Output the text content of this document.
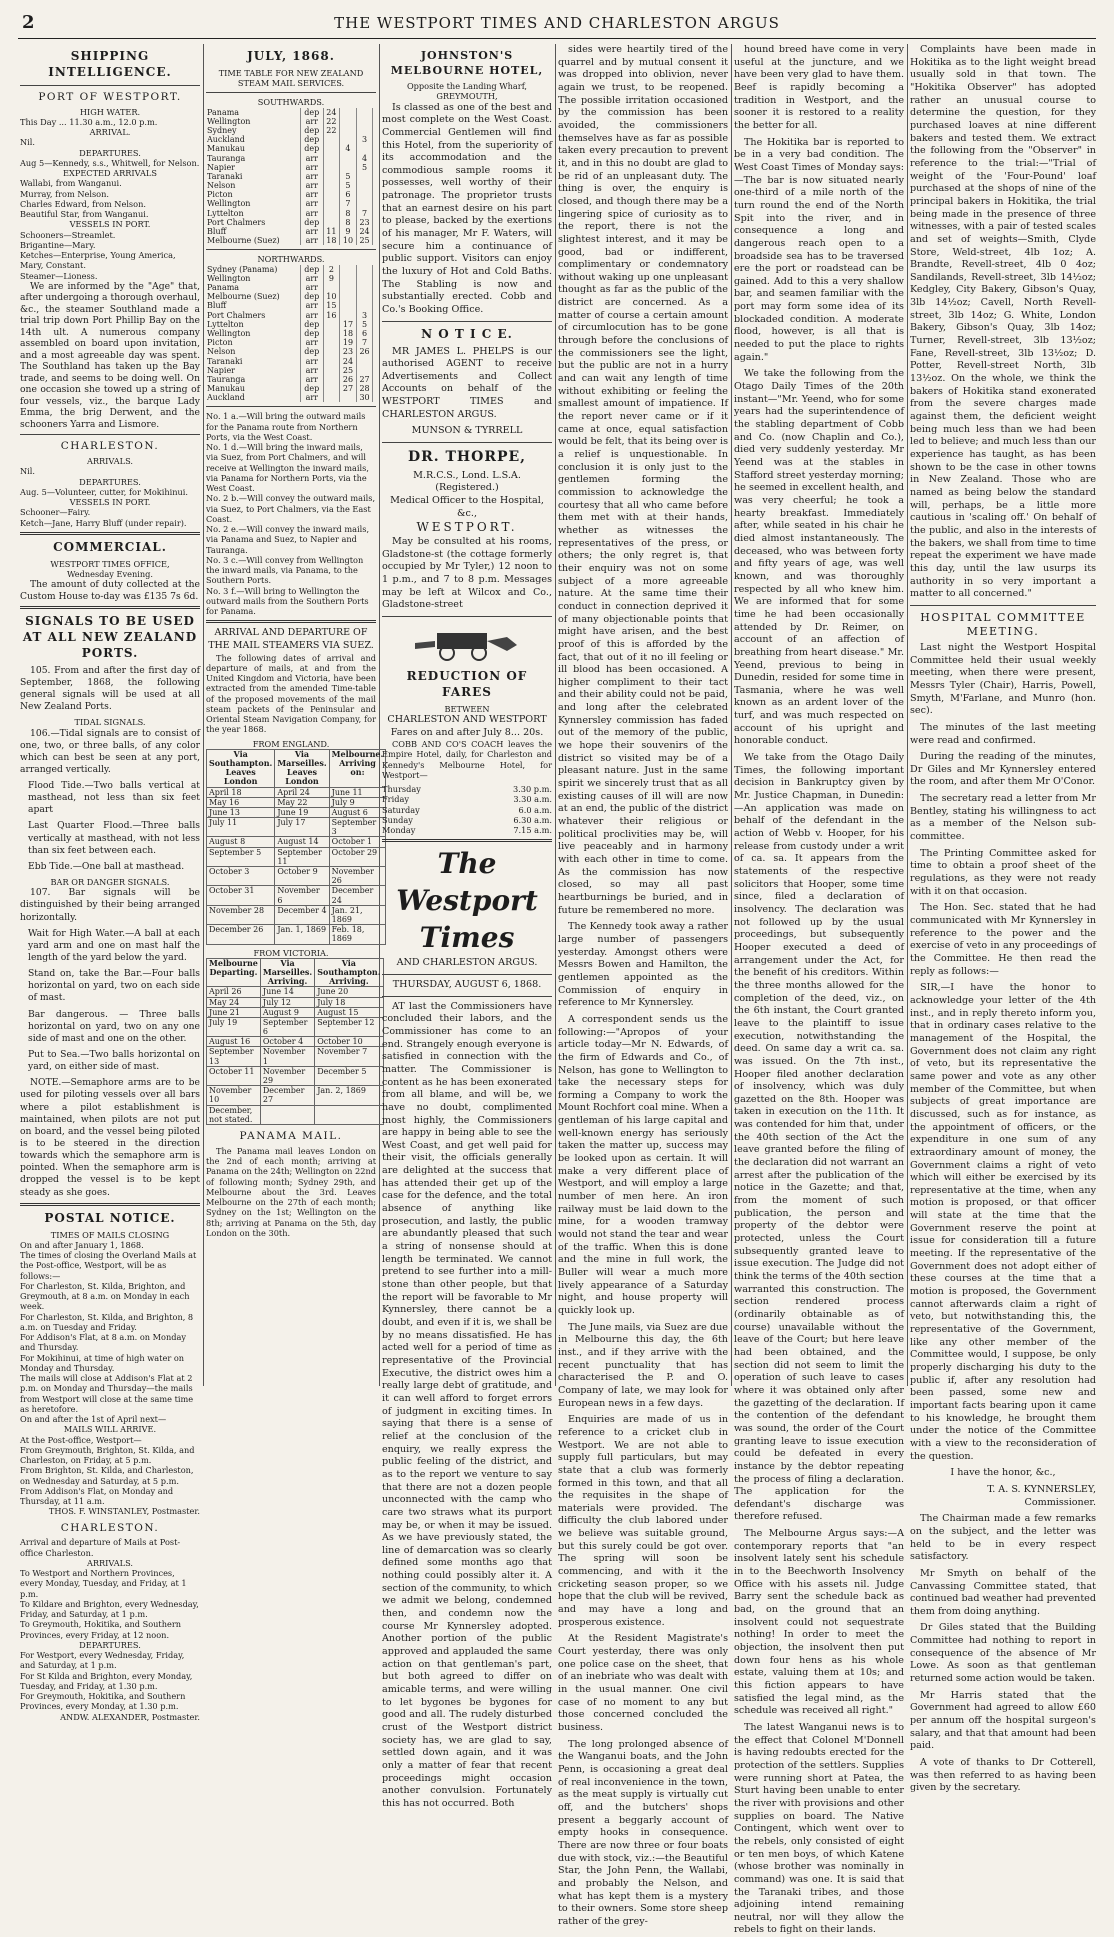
2	THE WESTPORT TIMES AND CHARLESTON ARGUS
SHIPPING INTELLIGENCE.
PORT OF WESTPORT.
HIGH WATER.
This Day ... 11.30 a.m., 12.0 p.m.
ARRIVAL.
Nil.
DEPARTURES.
Aug 5—Kennedy, s.s., Whitwell, for Nelson.
EXPECTED ARRIVALS
Wallabi, from Wanganui.
Murray, from Nelson.
Charles Edward, from Nelson.
Beautiful Star, from Wanganui.
VESSELS IN PORT.
Schooners—Streamlet.
Brigantine—Mary.
Ketches—Enterprise, Young America, Mary, Constant.
Steamer—Lioness.

We are informed by the "Age" that, after undergoing a thorough overhaul, &c., the steamer Southland made a trial trip down Port Phillip Bay on the 14th ult. A numerous company assembled on board upon invitation, and a most agreeable day was spent. The Southland has taken up the Bay trade, and seems to be doing well. On one occasion she towed up a string of four vessels, viz., the barque Lady Emma, the brig Derwent, and the schooners Yarra and Lismore.

CHARLESTON.
ARRIVALS.
Nil.
DEPARTURES.
Aug. 5—Volunteer, cutter, for Mokihinui.
VESSELS IN PORT.
Schooner—Fairy.
Ketch—Jane, Harry Bluff (under repair).
COMMERCIAL.
WESTPORT TIMES OFFICE,
Wednesday Evening.

The amount of duty collected at the Custom House to-day was £135 7s 6d.

SIGNALS TO BE USED AT ALL NEW ZEALAND PORTS.

105. From and after the first day of September, 1868, the following general signals will be used at all New Zealand Ports.

TIDAL SIGNALS.

106.—Tidal signals are to consist of one, two, or three balls, of any color which can best be seen at any port, arranged vertically.

Flood Tide.—Two balls vertical at masthead, not less than six feet apart

Last Quarter Flood.—Three balls vertically at masthead, with not less than six feet between each.

Ebb Tide.—One ball at masthead.

BAR OR DANGER SIGNALS.

107. Bar signals will be distinguished by their being arranged horizontally.

Wait for High Water.—A ball at each yard arm and one on mast half the length of the yard below the yard.

Stand on, take the Bar.—Four balls horizontal on yard, two on each side of mast.

Bar dangerous. — Three balls horizontal on yard, two on any one side of mast and one on the other.

Put to Sea.—Two balls horizontal on yard, on either side of mast.

NOTE.—Semaphore arms are to be used for piloting vessels over all bars where a pilot establishment is maintained, when pilots are not put on board, and the vessel being piloted is to be steered in the direction towards which the semaphore arm is pointed. When the semaphore arm is dropped the vessel is to be kept steady as she goes.

POSTAL NOTICE.
TIMES OF MAILS CLOSING
On and after January 1, 1868.
The times of closing the Overland Mails at the Post-office, Westport, will be as follows:—
For Charleston, St. Kilda, Brighton, and Greymouth, at 8 a.m. on Monday in each week.
For Charleston, St. Kilda, and Brighton, 8 a.m. on Tuesday and Friday.
For Addison's Flat, at 8 a.m. on Monday and Thursday.
For Mokihinui, at time of high water on Monday and Thursday.
The mails will close at Addison's Flat at 2 p.m. on Monday and Thursday—the mails from Westport will close at the same time as heretofore.
On and after the 1st of April next—
MAILS WILL ARRIVE.
At the Post-office, Westport—
From Greymouth, Brighton, St. Kilda, and Charleston, on Friday, at 5 p.m.
From Brighton, St. Kilda, and Charleston, on Wednesday and Saturday, at 5 p.m.
From Addison's Flat, on Monday and Thursday, at 11 a.m.
THOS. F. WINSTANLEY, Postmaster.
CHARLESTON.
Arrival and departure of Mails at Post-office Charleston.
ARRIVALS.
To Westport and Northern Provinces, every Monday, Tuesday, and Friday, at 1 p.m.
To Kildare and Brighton, every Wednesday, Friday, and Saturday, at 1 p.m.
To Greymouth, Hokitika, and Southern Provinces, every Friday, at 12 noon.
DEPARTURES.
For Westport, every Wednesday, Friday, and Saturday, at 1 p.m.
For St Kilda and Brighton, every Monday, Tuesday, and Friday, at 1.30 p.m.
For Greymouth, Hokitika, and Southern Provinces, every Monday, at 1.30 p.m.
ANDW. ALEXANDER, Postmaster.
JULY, 1868.
TIME TABLE FOR NEW ZEALAND STEAM MAIL SERVICES.
SOUTHWARDS.
Panama	dep	24			
Wellington	arr	22			
Sydney	dep	22			
Auckland	dep			3	
Manukau	dep		4		
Tauranga	arr			4	
Napier	arr			5	
Taranaki	arr		5		
Nelson	arr		5		
Picton	arr		6		
Wellington	arr		7		
Lyttelton	arr		8	7	
Port Chalmers	dep		8	23	
Bluff	arr	11	9	24	
Melbourne (Suez)	arr	18	10	25	
NORTHWARDS.
Sydney (Panama)	dep	2			
Wellington	arr	9			
Panama	arr				
Melbourne (Suez)	dep	10			
Bluff	arr	15			
Port Chalmers	arr	16		3	
Lyttelton	dep		17	5	
Wellington	dep		18	6	
Picton	arr		19	7	
Nelson	dep		23	26	
Taranaki	arr		24		
Napier	arr		25		
Tauranga	arr		26	27	
Manukau	dep		27	28	
Auckland	arr			30	
No. 1 a.—Will bring the outward mails for the Panama route from Northern Ports, via the West Coast.
No. 1 d.—Will bring the inward mails, via Suez, from Port Chalmers, and will receive at Wellington the inward mails, via Panama for Northern Ports, via the West Coast.
No. 2 b.—Will convey the outward mails, via Suez, to Port Chalmers, via the East Coast.
No. 2 e.—Will convey the inward mails, via Panama and Suez, to Napier and Tauranga.
No. 3 c.—Will convey from Wellington the inward mails, via Panama, to the Southern Ports.
No. 3 f.—Will bring to Wellington the outward mails from the Southern Ports for Panama.
ARRIVAL AND DEPARTURE OF THE MAIL STEAMERS VIA SUEZ.

The following dates of arrival and departure of mails, at and from the United Kingdom and Victoria, have been extracted from the amended Time-table of the proposed movements of the mail steam packets of the Peninsular and Oriental Steam Navigation Company, for the year 1868.

FROM ENGLAND.
Via Southampton. Leaves London	Via Marseilles. Leaves London	Melbourne. Arriving on:
April 18	April 24	June 11
May 16	May 22	July 9
June 13	June 19	August 6
July 11	July 17	September 3
August 8	August 14	October 1
September 5	September 11	October 29
October 3	October 9	November 26
October 31	November 6	December 24
November 28	December 4	Jan. 21, 1869
December 26	Jan. 1, 1869	Feb. 18, 1869
FROM VICTORIA.
Melbourne Departing.	Via Marseilles. Arriving.	Via Southampton. Arriving.
April 26	June 14	June 20
May 24	July 12	July 18
June 21	August 9	August 15
July 19	September 6	September 12
August 16	October 4	October 10
September 13	November 1	November 7
October 11	November 29	December 5
November 10	December 27	Jan. 2, 1869
December, not stated.		
PANAMA MAIL.

The Panama mail leaves London on the 2nd of each month; arriving at Panama on the 24th; Wellington on 22nd of following month; Sydney 29th, and Melbourne about the 3rd. Leaves Melbourne on the 27th of each month; Sydney on the 1st; Wellington on the 8th; arriving at Panama on the 5th, day London on the 30th.

JOHNSTON'S MELBOURNE HOTEL,
Opposite the Landing Wharf, GREYMOUTH,

Is classed as one of the best and most complete on the West Coast. Commercial Gentlemen will find this Hotel, from the superiority of its accommodation and the commodious sample rooms it possesses, well worthy of their patronage. The proprietor trusts that an earnest desire on his part to please, backed by the exertions of his manager, Mr F. Waters, will secure him a continuance of public support. Visitors can enjoy the luxury of Hot and Cold Baths. The Stabling is now and substantially erected. Cobb and Co.'s Booking Office.

N O T I C E.

MR JAMES L. PHELPS is our authorised AGENT to receive Advertisements and Collect Accounts on behalf of the WESTPORT TIMES and CHARLESTON ARGUS.

MUNSON & TYRRELL
DR. THORPE,
M.R.C.S., Lond. L.S.A. (Registered.)
Medical Officer to the Hospital, &c.,
WESTPORT.

May be consulted at his rooms, Gladstone-st (the cottage formerly occupied by Mr Tyler,) 12 noon to 1 p.m., and 7 to 8 p.m. Messages may be left at Wilcox and Co., Gladstone-street

REDUCTION OF FARES
BETWEEN
CHARLESTON AND WESTPORT
Fares on and after July 8... 20s.

COBB AND CO'S COACH leaves the Empire Hotel, daily, for Charleston and Kennedy's Melbourne Hotel, for Westport—

Thursday	3.30 p.m.
Friday	3.30 a.m.
Saturday	6.0 a.m.
Sunday	6.30 a.m.
Monday	7.15 a.m.
The Westport Times
AND CHARLESTON ARGUS.
THURSDAY, AUGUST 6, 1868.

AT last the Commissioners have concluded their labors, and the Commissioner has come to an end. Strangely enough everyone is satisfied in connection with the matter. The Commissioner is content as he has been exonerated from all blame, and will be, we have no doubt, complimented most highly, the Commissioners are happy in being able to see the West Coast, and get well paid for their visit, the officials generally are delighted at the success that has attended their get up of the case for the defence, and the total absence of anything like prosecution, and lastly, the public are abundantly pleased that such a string of nonsense should at length be terminated. We cannot pretend to see further into a mill-stone than other people, but that the report will be favorable to Mr Kynnersley, there cannot be a doubt, and even if it is, we shall be by no means dissatisfied. He has acted well for a period of time as representative of the Provincial Executive, the district owes him a really large debt of gratitude, and it can well afford to forget errors of judgment in exciting times. In saying that there is a sense of relief at the conclusion of the enquiry, we really express the public feeling of the district, and as to the report we venture to say that there are not a dozen people unconnected with the camp who care two straws what its purport may be, or when it may be issued. As we have previously stated, the line of demarcation was so clearly defined some months ago that nothing could possibly alter it. A section of the community, to which we admit we belong, condemned then, and condemn now the course Mr Kynnersley adopted. Another portion of the public approved and applauded the same action on that gentleman's part, but both agreed to differ on amicable terms, and were willing to let bygones be bygones for good and all. The rudely disturbed crust of the Westport district society has, we are glad to say, settled down again, and it was only a matter of fear that recent proceedings might occasion another convulsion. Fortunately this has not occurred. Both

sides were heartily tired of the quarrel and by mutual consent it was dropped into oblivion, never again we trust, to be reopened. The possible irritation occasioned by the commission has been avoided, the commissioners themselves have as far as possible taken every precaution to prevent it, and in this no doubt are glad to be rid of an unpleasant duty. The thing is over, the enquiry is closed, and though there may be a lingering spice of curiosity as to the report, there is not the slightest interest, and it may be good, bad or indifferent, complimentary or condemnatory without waking up one unpleasant thought as far as the public of the district are concerned. As a matter of course a certain amount of circumlocution has to be gone through before the conclusions of the commissioners see the light, but the public are not in a hurry and can wait any length of time without exhibiting or feeling the smallest amount of impatience. If the report never came or if it came at once, equal satisfaction would be felt, that its being over is a relief is unquestionable. In conclusion it is only just to the gentlemen forming the commission to acknowledge the courtesy that all who came before them met with at their hands, whether as witnesses the representatives of the press, or others; the only regret is, that their enquiry was not on some subject of a more agreeable nature. At the same time their conduct in connection deprived it of many objectionable points that might have arisen, and the best proof of this is afforded by the fact, that out of it no ill feeling or ill blood has been occasioned. A higher compliment to their tact and their ability could not be paid, and long after the celebrated Kynnersley commission has faded out of the memory of the public, we hope their souvenirs of the district so visited may be of a pleasant nature. Just in the same spirit we sincerely trust that as all existing causes of ill will are now at an end, the public of the district whatever their religious or political proclivities may be, will live peaceably and in harmony with each other in time to come. As the commission has now closed, so may all past heartburnings be buried, and in future be remembered no more.

The Kennedy took away a rather large number of passengers yesterday. Amongst others were Messrs Bowen and Hamilton, the gentlemen appointed as the Commission of enquiry in reference to Mr Kynnersley.

A correspondent sends us the following:—"Apropos of your article today—Mr N. Edwards, of the firm of Edwards and Co., of Nelson, has gone to Wellington to take the necessary steps for forming a Company to work the Mount Rochfort coal mine. When a gentleman of his large capital and well-known energy has seriously taken the matter up, success may be looked upon as certain. It will make a very different place of Westport, and will employ a large number of men here. An iron railway must be laid down to the mine, for a wooden tramway would not stand the tear and wear of the traffic. When this is done and the mine in full work, the Buller will wear a much more lively appearance of a Saturday night, and house property will quickly look up.

The June mails, via Suez are due in Melbourne this day, the 6th inst., and if they arrive with the recent punctuality that has characterised the P. and O. Company of late, we may look for European news in a few days.

Enquiries are made of us in reference to a cricket club in Westport. We are not able to supply full particulars, but may state that a club was formerly formed in this town, and that all the requisites in the shape of materials were provided. The difficulty the club labored under we believe was suitable ground, but this surely could be got over. The spring will soon be commencing, and with it the cricketing season proper, so we hope that the club will be revived, and may have a long and prosperous existence.

At the Resident Magistrate's Court yesterday, there was only one police case on the sheet, that of an inebriate who was dealt with in the usual manner. One civil case of no moment to any but those concerned concluded the business.

The long prolonged absence of the Wanganui boats, and the John Penn, is occasioning a great deal of real inconvenience in the town, as the meat supply is virtually cut off, and the butchers' shops present a beggarly account of empty hooks in consequence. There are now three or four boats due with stock, viz.:—the Beautiful Star, the John Penn, the Wallabi, and probably the Nelson, and what has kept them is a mystery to their owners. Some store sheep rather of the grey-

hound breed have come in very useful at the juncture, and we have been very glad to have them. Beef is rapidly becoming a tradition in Westport, and the sooner it is restored to a reality the better for all.

The Hokitika bar is reported to be in a very bad condition. The West Coast Times of Monday says:—The bar is now situated nearly one-third of a mile north of the turn round the end of the North Spit into the river, and in consequence a long and dangerous reach open to a broadside sea has to be traversed ere the port or roadstead can be gained. Add to this a very shallow bar, and seamen familiar with the port may form some idea of its blockaded condition. A moderate flood, however, is all that is needed to put the place to rights again."

We take the following from the Otago Daily Times of the 20th instant—"Mr. Yeend, who for some years had the superintendence of the stabling department of Cobb and Co. (now Chaplin and Co.), died very suddenly yesterday. Mr Yeend was at the stables in Stafford street yesterday morning; he seemed in excellent health, and was very cheerful; he took a hearty breakfast. Immediately after, while seated in his chair he died almost instantaneously. The deceased, who was between forty and fifty years of age, was well known, and was thoroughly respected by all who knew him. We are informed that for some time he had been occasionally attended by Dr. Reimer, on account of an affection of breathing from heart disease." Mr. Yeend, previous to being in Dunedin, resided for some time in Tasmania, where he was well known as an ardent lover of the turf, and was much respected on account of his upright and honorable conduct.

We take from the Otago Daily Times, the following important decision in Bankruptcy given by Mr. Justice Chapman, in Dunedin:—An application was made on behalf of the defendant in the action of Webb v. Hooper, for his release from custody under a writ of ca. sa. It appears from the statements of the respective solicitors that Hooper, some time since, filed a declaration of insolvency. The declaration was not followed up by the usual proceedings, but subsequently Hooper executed a deed of arrangement under the Act, for the benefit of his creditors. Within the three months allowed for the completion of the deed, viz., on the 6th instant, the Court granted leave to the plaintiff to issue execution, notwithstanding the deed. On same day a writ ca. sa. was issued. On the 7th inst., Hooper filed another declaration of insolvency, which was duly gazetted on the 8th. Hooper was taken in execution on the 11th. It was contended for him that, under the 40th section of the Act the leave granted before the filing of the declaration did not warrant an arrest after the publication of the notice in the Gazette; and that, from the moment of such publication, the person and property of the debtor were protected, unless the Court subsequently granted leave to issue execution. The Judge did not think the terms of the 40th section warranted this construction. The section rendered process (ordinarily obtainable as of course) unavailable without the leave of the Court; but here leave had been obtained, and the section did not seem to limit the operation of such leave to cases where it was obtained only after the gazetting of the declaration. If the contention of the defendant was sound, the order of the Court granting leave to issue execution could be defeated in every instance by the debtor repeating the process of filing a declaration. The application for the defendant's discharge was therefore refused.

The Melbourne Argus says:—A contemporary reports that "an insolvent lately sent his schedule in to the Beechworth Insolvency Office with his assets nil. Judge Barry sent the schedule back as bad, on the ground that an insolvent could not sequestrate nothing! In order to meet the objection, the insolvent then put down four hens as his whole estate, valuing them at 10s; and this fiction appears to have satisfied the legal mind, as the schedule was received all right."

The latest Wanganui news is to the effect that Colonel M'Donnell is having redoubts erected for the protection of the settlers. Supplies were running short at Patea, the Sturt having been unable to enter the river with provisions and other supplies on board. The Native Contingent, which went over to the rebels, only consisted of eight or ten men boys, of which Katene (whose brother was nominally in command) was one. It is said that the Taranaki tribes, and those adjoining intend remaining neutral, nor will they allow the rebels to fight on their lands.

Complaints have been made in Hokitika as to the light weight bread usually sold in that town. The "Hokitika Observer" has adopted rather an unusual course to determine the question, for they purchased loaves at nine different bakers and tested them. We extract the following from the "Observer" in reference to the trial:—"Trial of weight of the 'Four-Pound' loaf purchased at the shops of nine of the principal bakers in Hokitika, the trial being made in the presence of three witnesses, with a pair of tested scales and set of weights—Smith, Clyde Store, Weld-street, 4lb 1oz; A. Brandte, Revell-street, 4lb 0 4oz; Sandilands, Revell-street, 3lb 14½oz; Kedgley, City Bakery, Gibson's Quay, 3lb 14½oz; Cavell, North Revell-street, 3lb 14oz; G. White, London Bakery, Gibson's Quay, 3lb 14oz; Turner, Revell-street, 3lb 13½oz; Fane, Revell-street, 3lb 13½oz; D. Potter, Revell-street North, 3lb 13½oz. On the whole, we think the bakers of Hokitika stand exonerated from the severe charges made against them, the deficient weight being much less than we had been led to believe; and much less than our experience has taught, as has been shown to be the case in other towns in New Zealand. Those who are named as being below the standard will, perhaps, be a little more cautious in 'scaling off.' On behalf of the public, and also in the interests of the bakers, we shall from time to time repeat the experiment we have made this day, until the law usurps its authority in so very important a matter to all concerned."

HOSPITAL COMMITTEE MEETING.

Last night the Westport Hospital Committee held their usual weekly meeting, when there were present, Messrs Tyler (Chair), Harris, Powell, Smyth, M'Farlane, and Munro (hon. sec).

The minutes of the last meeting were read and confirmed.

During the reading of the minutes, Dr Giles and Mr Kynnersley entered the room, and after them Mr O'Conor.

The secretary read a letter from Mr Bentley, stating his willingness to act as a member of the Nelson sub-committee.

The Printing Committee asked for time to obtain a proof sheet of the regulations, as they were not ready with it on that occasion.

The Hon. Sec. stated that he had communicated with Mr Kynnersley in reference to the power and the exercise of veto in any proceedings of the Committee. He then read the reply as follows:—

SIR,—I have the honor to acknowledge your letter of the 4th inst., and in reply thereto inform you, that in ordinary cases relative to the management of the Hospital, the Government does not claim any right of veto, but its representative the same power and vote as any other member of the Committee, but when subjects of great importance are discussed, such as for instance, as the appointment of officers, or the expenditure in one sum of any extraordinary amount of money, the Government claims a right of veto which will either be exercised by its representative at the time, when any motion is proposed, or that officer will state at the time that the Government reserve the point at issue for consideration till a future meeting. If the representative of the Government does not adopt either of these courses at the time that a motion is proposed, the Government cannot afterwards claim a right of veto, but notwithstanding this, the representative of the Government, like any other member of the Committee would, I suppose, be only properly discharging his duty to the public if, after any resolution had been passed, some new and important facts bearing upon it came to his knowledge, he brought them under the notice of the Committee with a view to the reconsideration of the question.

I have the honor, &c.,

T. A. S. KYNNERSLEY, Commissioner.

The Chairman made a few remarks on the subject, and the letter was held to be in every respect satisfactory.

Mr Smyth on behalf of the Canvassing Committee stated, that continued bad weather had prevented them from doing anything.

Dr Giles stated that the Building Committee had nothing to report in consequence of the absence of Mr Lowe. As soon as that gentleman returned some action would be taken.

Mr Harris stated that the Government had agreed to allow £60 per annum off the hospital surgeon's salary, and that that amount had been paid.

A vote of thanks to Dr Cotterell, was then referred to as having been given by the secretary.
